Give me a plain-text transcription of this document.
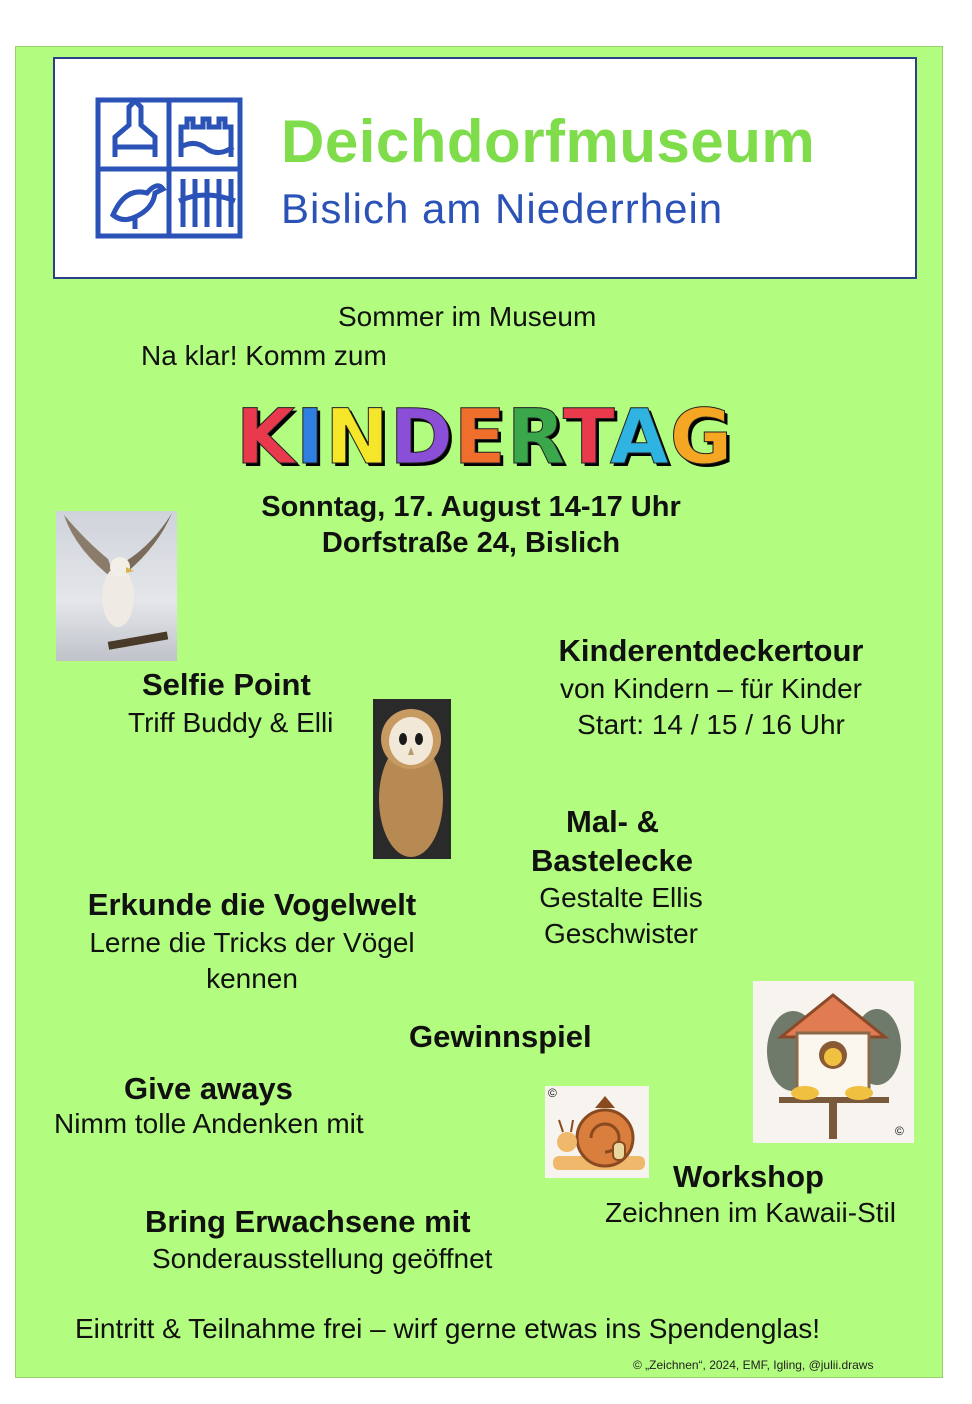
Deichdorfmuseum
Bislich am Niederrhein
Sommer im Museum
Na klar! Komm zum
KINDERTAG
Sonntag, 17. August 14-17 Uhr
Dorfstraße 24, Bislich
Selfie Point
Triff Buddy & Elli
Kinderentdeckertour
von Kindern – für Kinder
Start: 14 / 15 / 16 Uhr
Mal- &
Bastelecke
Gestalte Ellis
Geschwister
Erkunde die Vogelwelt
Lerne die Tricks der Vögel
kennen
Gewinnspiel
©
©
Give aways
Nimm tolle Andenken mit
Workshop
Zeichnen im Kawaii-Stil
Bring Erwachsene mit
Sonderausstellung geöffnet
Eintritt & Teilnahme frei – wirf gerne etwas ins Spendenglas!
© „Zeichnen“, 2024, EMF, Igling, @julii.draws
